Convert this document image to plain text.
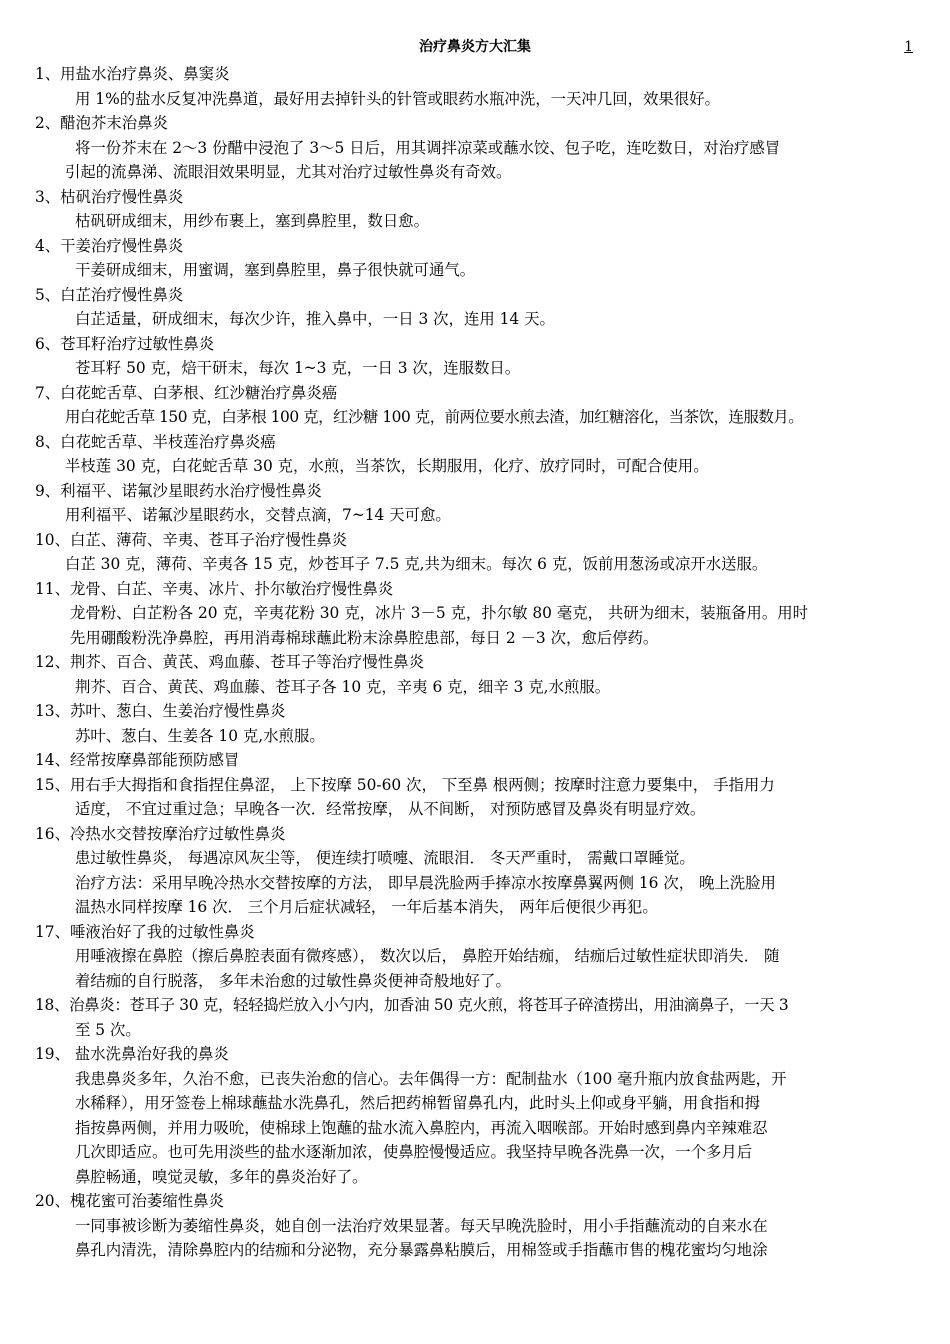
治疗鼻炎方大汇集	1
1、用盐水治疗鼻炎、鼻窦炎
用 1%的盐水反复冲洗鼻道，最好用去掉针头的针管或眼药水瓶冲洗，一天冲几回，效果很好。
2、醋泡芥末治鼻炎
将一份芥末在 2～3 份醋中浸泡了 3～5 日后，用其调拌凉菜或蘸水饺、包子吃，连吃数日，对治疗感冒
引起的流鼻涕、流眼泪效果明显，尤其对治疗过敏性鼻炎有奇效。
3、枯矾治疗慢性鼻炎
枯矾研成细末，用纱布裹上，塞到鼻腔里，数日愈。
4、干姜治疗慢性鼻炎
干姜研成细末，用蜜调，塞到鼻腔里，鼻子很快就可通气。
5、白芷治疗慢性鼻炎
白芷适量，研成细末，每次少许，推入鼻中，一日 3 次，连用 14 天。
6、苍耳籽治疗过敏性鼻炎
苍耳籽 50 克，焙干研末，每次 1~3 克，一日 3 次，连服数日。
7、白花蛇舌草、白茅根、红沙糖治疗鼻炎癌
用白花蛇舌草 150 克，白茅根 100 克，红沙糖 100 克，前两位要水煎去渣，加红糖溶化，当茶饮，连服数月。
8、白花蛇舌草、半枝莲治疗鼻炎癌
半枝莲 30 克，白花蛇舌草 30 克，水煎，当茶饮，长期服用，化疗、放疗同时，可配合使用。
9、利福平、诺氟沙星眼药水治疗慢性鼻炎
用利福平、诺氟沙星眼药水，交替点滴，7~14 天可愈。
10、白芷、薄荷、辛夷、苍耳子治疗慢性鼻炎
白芷 30 克，薄荷、辛夷各 15 克，炒苍耳子 7.5 克,共为细末。每次 6 克，饭前用葱汤或凉开水送服。
11、龙骨、白芷、辛夷、冰片、扑尔敏治疗慢性鼻炎
龙骨粉、白芷粉各 20 克，辛夷花粉 30 克，冰片 3－5 克，扑尔敏 80 毫克， 共研为细末，装瓶备用。用时
先用硼酸粉洗净鼻腔，再用消毒棉球蘸此粉末涂鼻腔患部，每日 2 －3 次，愈后停药。
12、荆芥、百合、黄芪、鸡血藤、苍耳子等治疗慢性鼻炎
荆芥、百合、黄芪、鸡血藤、苍耳子各 10 克，辛夷 6 克，细辛 3 克,水煎服。
13、苏叶、葱白、生姜治疗慢性鼻炎
苏叶、葱白、生姜各 10 克,水煎服。
14、经常按摩鼻部能预防感冒
15、用右手大拇指和食指捏住鼻涩， 上下按摩 50-60 次， 下至鼻 根两侧；按摩时注意力要集中， 手指用力
适度， 不宜过重过急；早晚各一次．经常按摩， 从不间断， 对预防感冒及鼻炎有明显疗效。
16、冷热水交替按摩治疗过敏性鼻炎
患过敏性鼻炎， 每遇凉风灰尘等， 便连续打喷嚏、流眼泪． 冬天严重时， 需戴口罩睡觉。
治疗方法：采用早晚冷热水交替按摩的方法， 即早晨洗脸两手捧凉水按摩鼻翼两侧 16 次， 晚上洗脸用
温热水同样按摩 16 次． 三个月后症状减轻， 一年后基本消失， 两年后便很少再犯。
17、唾液治好了我的过敏性鼻炎
用唾液擦在鼻腔（擦后鼻腔表面有微疼感）， 数次以后， 鼻腔开始结痂， 结痂后过敏性症状即消失． 随
着结痂的自行脱落， 多年未治愈的过敏性鼻炎便神奇般地好了。
18、治鼻炎：苍耳子 30 克，轻轻捣烂放入小勺内，加香油 50 克火煎，将苍耳子碎渣捞出，用油滴鼻子，一天 3
至 5 次。
19、 盐水洗鼻治好我的鼻炎
我患鼻炎多年，久治不愈，已丧失治愈的信心。去年偶得一方：配制盐水（100 毫升瓶内放食盐两匙，开
水稀释），用牙签卷上棉球蘸盐水洗鼻孔，然后把药棉暂留鼻孔内，此时头上仰或身平躺，用食指和拇
指按鼻两侧，并用力吸吮，使棉球上饱蘸的盐水流入鼻腔内，再流入咽喉部。开始时感到鼻内辛辣难忍
几次即适应。也可先用淡些的盐水逐渐加浓，使鼻腔慢慢适应。我坚持早晚各洗鼻一次，一个多月后
鼻腔畅通，嗅觉灵敏，多年的鼻炎治好了。
20、槐花蜜可治萎缩性鼻炎
一同事被诊断为萎缩性鼻炎，她自创一法治疗效果显著。每天早晚洗脸时，用小手指蘸流动的自来水在
鼻孔内清洗，清除鼻腔内的结痂和分泌物，充分暴露鼻粘膜后，用棉签或手指蘸市售的槐花蜜均匀地涂
